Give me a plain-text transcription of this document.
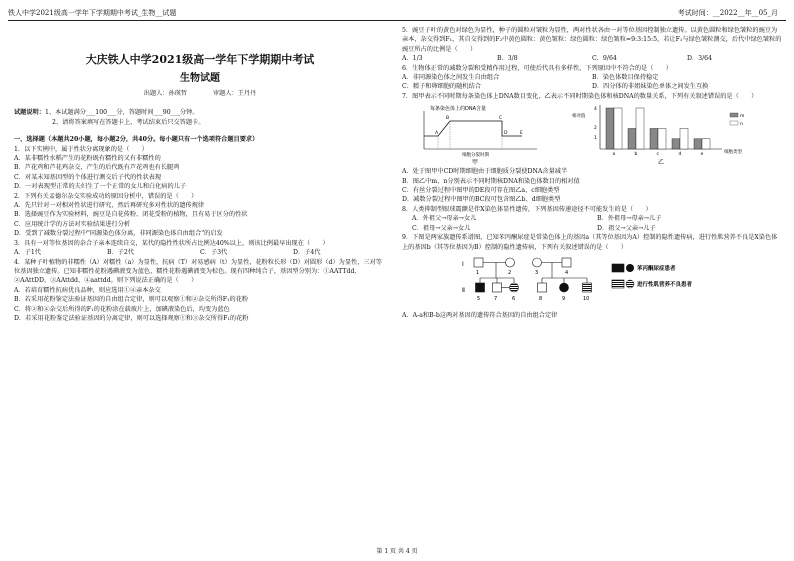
铁人中学2021级高一学年下学期期中考试_生物__试题	考试时间：__2022__年__05_月
大庆铁人中学2021级高一学年下学期期中考试
生物试题
出题人：孙瑛哲	审题人：王丹丹

试题说明：1、本试题满分___100___分，答题时间___90___分钟。

2、请将答案填写在答题卡上，考试结束后只交答题卡。

一、选择题（本题共20小题，每小题2分，共40分。每小题只有一个选项符合题目要求）

1．以下实例中，属于性状分离现象的是（　　）

A．某非糯性水稻产生的花粉既有糯性的又有非糯性的

B．芦花鸡和芦花鸡杂交，产生的后代既有芦花鸡也有长腿鸡

C．对某未知基因型的个体进行测交后子代的性状表现

D．一对表现型正常的夫妇生了一个正常的女儿和白化病的儿子

2．下列有关孟德尔杂交实验成功的原因分析中，错误的是（　　）

A．先只针对一对相对性状进行研究，然后再研究多对性状的遗传规律

B．选择豌豆作为实验材料，豌豆是自花传粉、闭花受粉的植物，且有易于区分的性状

C．应用统计学的方法对实验结果进行分析

D．受到了减数分裂过程中"同源染色体分离，非同源染色体自由组合"的启发

3．具有一对等位基因的杂合子亲本连续自交，某代的隐性性状所占比例达40%以上，则该比例最早出现在（　　）

A．子1代	B．子2代	C．子3代	D．子4代

4．某种子叶植物的非糯性（A）对糯性（a）为显性，抗病（T）对易感病（t）为显性，花粉粒长形（D）对圆形（d）为显性，三对等位基因独立遗传。已知非糯性花粉遇碘液变为蓝色，糯性花粉遇碘液变为棕色。现有四种纯合子，基因型分别为：①AATTdd、②AAttDD、③AAttdd、④aattdd。则下列说法正确的是（　　）

A．若培育糯性抗病优良品种，则应选用①④亲本杂交

B．若采用花粉鉴定法验证基因的自由组合定律，则可以观察①和②杂交所得F₁的花粉

C．将②和④杂交后所得的F₁的花粉涂在载玻片上，加碘液染色后，均变为蓝色

D．若采用花粉鉴定法验证基因的分离定律，则可以选择观察①和③杂交所得F₁的花粉

5．豌豆子叶的黄色对绿色为显性，种子的圆粒对皱粒为显性，两对性状各由一对等位基因控制独立遗传。以黄色圆粒和绿色皱粒的豌豆为亲本，杂交得到F₁，其自交得到的F₂中黄色圆粒：黄色皱粒：绿色圆粒：绿色皱粒=9:3:15:5，若让F₁与绿色皱粒测交，后代中绿色皱粒的豌豆所占的比例是（　　）

A．1/3	B．3/8	C．9/64	D．3/64

6．生物体正常的减数分裂和受精作用过程，可使后代具有多样性，下列原因中不符合的是（　　）

A．非同源染色体之间发生自由组合	B．染色体数目保持稳定
C．精子和卵细胞的随机结合	D．四分体的非姐妹染色单体之间发生互换

7．图甲表示不同时期每条染色体上DNA数目变化，乙表示不同时期染色体和核DNA的数量关系，下列有关叙述错误的是（　　）

每条染色体上的DNA含量
A
B	C
D	E
细胞分裂时期
甲
相对值
4
2
1
a	b	c	d	e
m
n
细胞类型
乙

A．处于图甲中CD时期细胞由于细胞质分裂使DNA含量减半

B．图乙中m、n分别表示不同时期核DNA和染色体数目的相对值

C．有丝分裂过程中图甲的DE段可存在图乙a、c细胞类型

D．减数分裂过程中图甲的BC段可包含图乙b、d细胞类型

8．人类抑制型眼球震颤是伴X染色体显性遗传，下列基因传递途径不可能发生的是（　　）

A．外祖父→母亲→女儿	B．外祖母→母亲→儿子
C．祖母→父亲→女儿	D．祖父→父亲→儿子

9．下图是两家族遗传系谱图，已知苯丙酮尿症是常染色体上的基因a（其等位基因为A）控制的隐性遗传病，进行性肌营养不良是X染色体上的基因b（其等位基因为B）控制的隐性遗传病，下列有关叙述错误的是（　　）

Ⅰ
Ⅱ
1	2	3	4
5	7	6	8	9	10
苯丙酮尿症患者
进行性肌营养不良患者

A．A-a和B-b这两对基因的遗传符合基因的自由组合定律

第 1 页 共 4 页
